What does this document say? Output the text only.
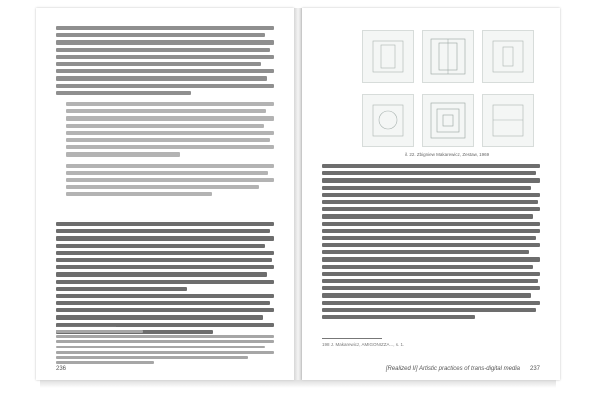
236
il. 22. Zbigniew Makarewicz, Zestaw, 1969
198 J. Makarewicz, AMIGONIZZA..., s. 1.
[Realized II] Artistic practices of trans-digital media 237
